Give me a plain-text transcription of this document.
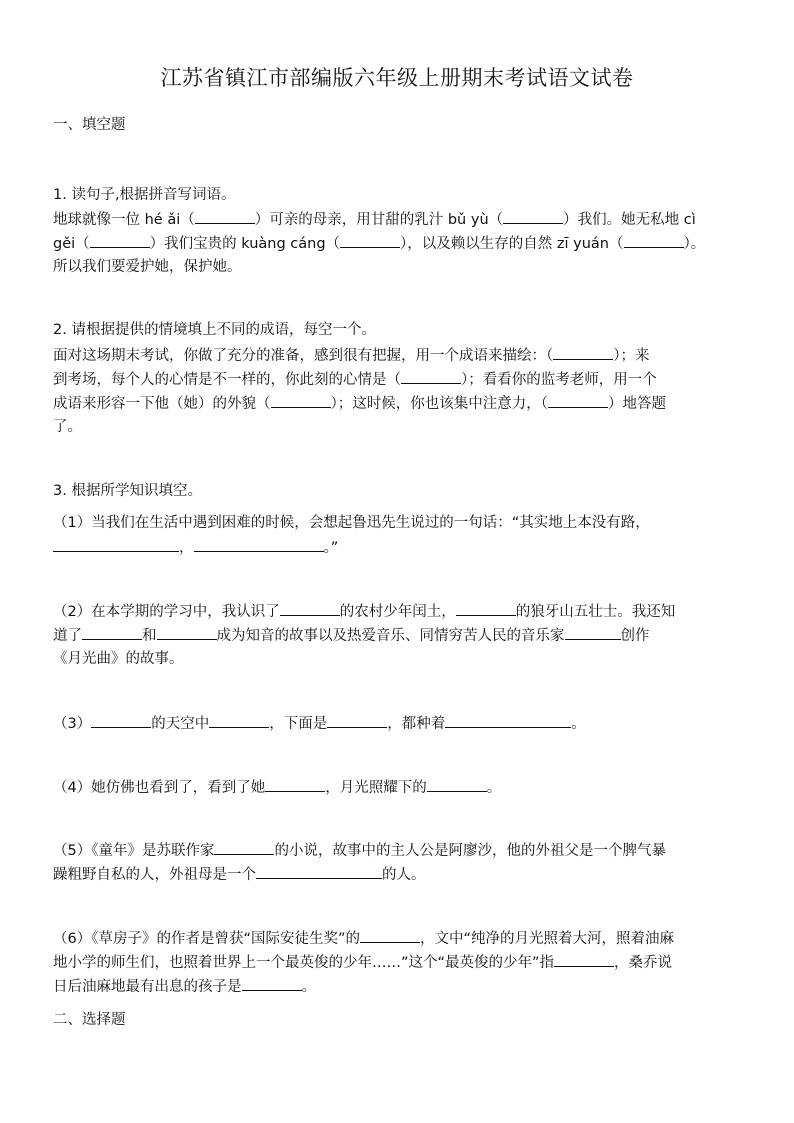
江苏省镇江市部编版六年级上册期末考试语文试卷
一、填空题
1. 读句子,根据拼音写词语。
地球就像一位 hé ǎi（	）可亲的母亲，用甘甜的乳汁 bǔ yù（	）我们。她无私地 cì
gěi（	）我们宝贵的 kuàng cáng（	），以及赖以生存的自然 zī yuán（	）。
所以我们要爱护她，保护她。
2. 请根据提供的情境填上不同的成语，每空一个。
面对这场期末考试，你做了充分的准备，感到很有把握，用一个成语来描绘：（	）；来
到考场，每个人的心情是不一样的，你此刻的心情是（	）；看看你的监考老师，用一个
成语来形容一下他（她）的外貌（	）；这时候，你也该集中注意力，（	）地答题
了。
3. 根据所学知识填空。
（1）当我们在生活中遇到困难的时候，会想起鲁迅先生说过的一句话：“其实地上本没有路，
，	。”
（2）在本学期的学习中，我认识了	的农村少年闰土，	的狼牙山五壮士。我还知
道了	和	成为知音的故事以及热爱音乐、同情穷苦人民的音乐家	创作
《月光曲》的故事。
（3）	的天空中	，下面是	，都种着	。
（4）她仿佛也看到了，看到了她	，月光照耀下的	。
（5）《童年》是苏联作家	的小说，故事中的主人公是阿廖沙，他的外祖父是一个脾气暴
躁粗野自私的人，外祖母是一个	的人。
（6）《草房子》的作者是曾获“国际安徒生奖”的	，文中“纯净的月光照着大河，照着油麻
地小学的师生们，也照着世界上一个最英俊的少年……”这个“最英俊的少年”指	，桑乔说
日后油麻地最有出息的孩子是	。
二、选择题
